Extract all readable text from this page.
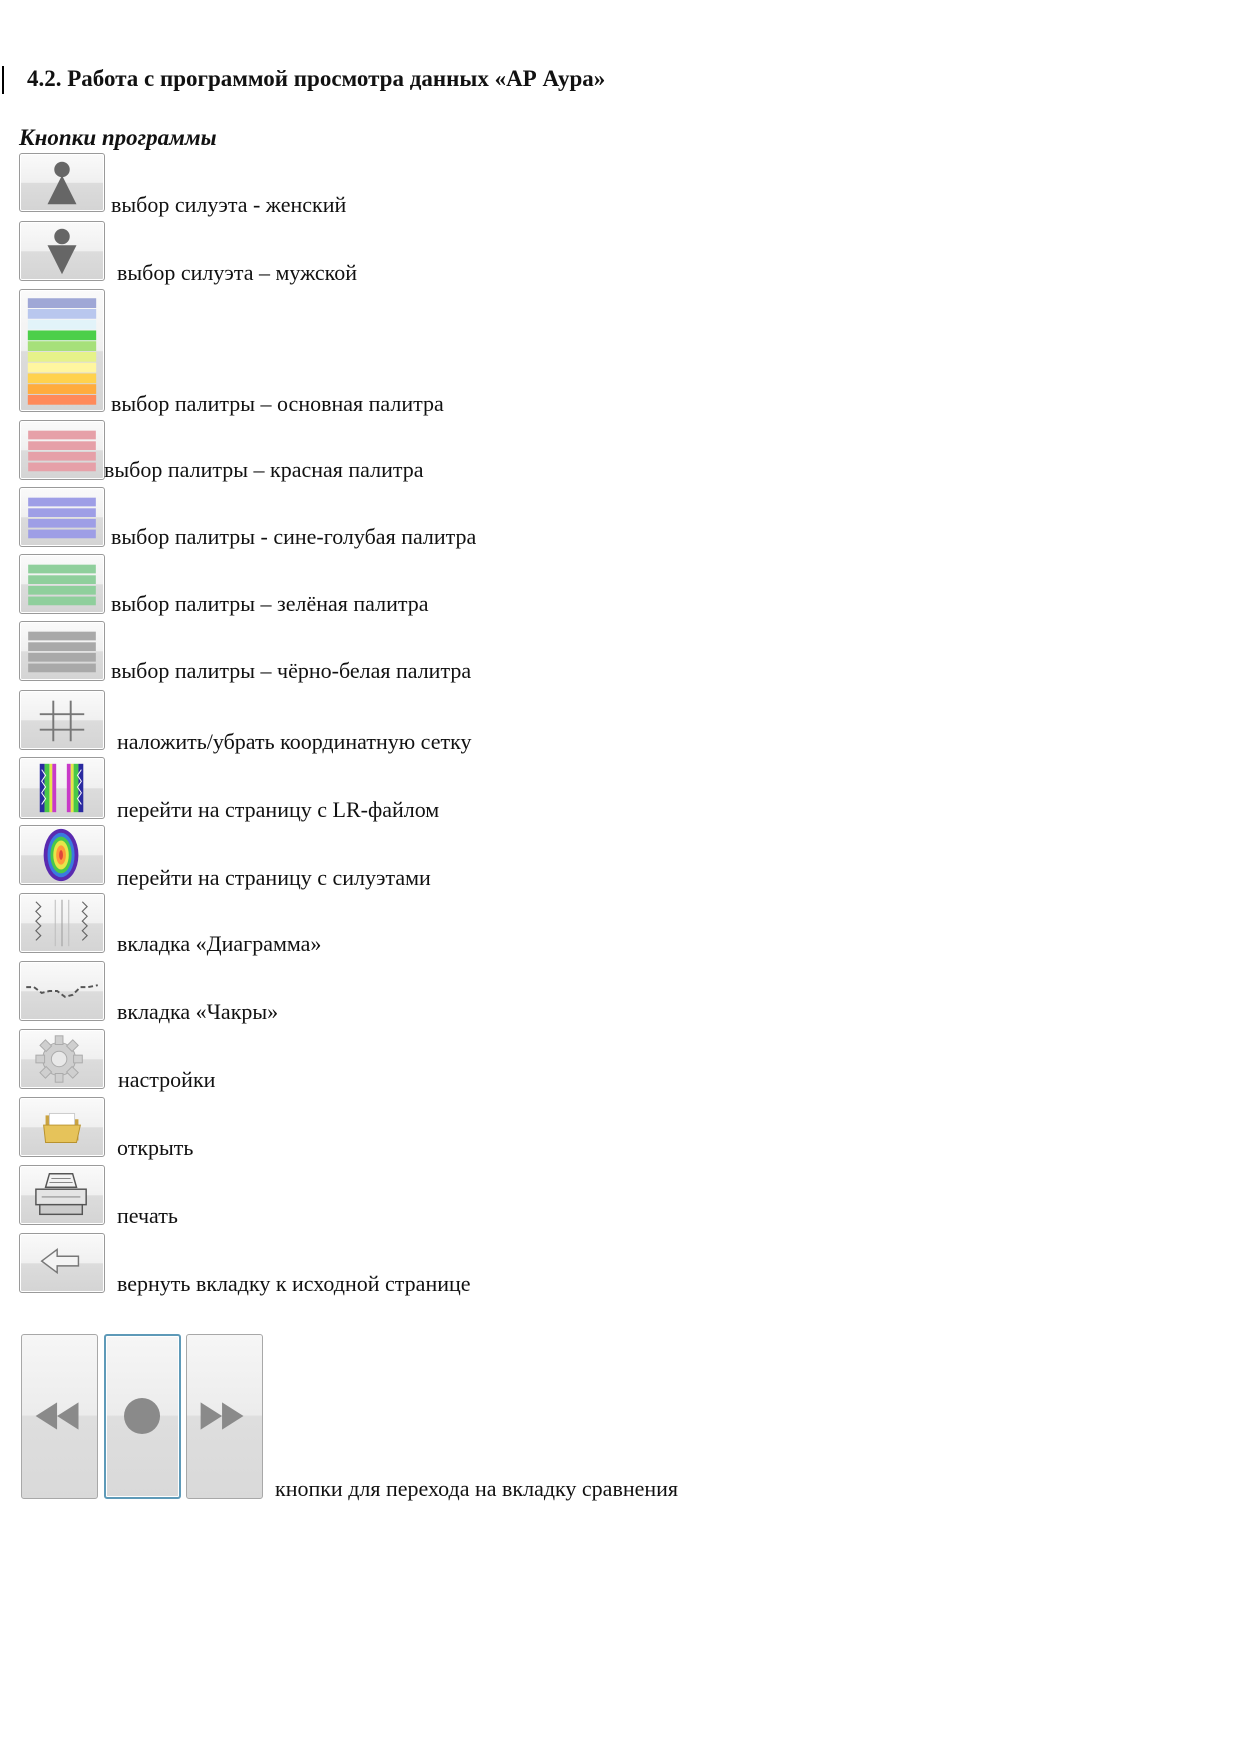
4.2. Работа с программой просмотра данных «АР Аура»
Кнопки программы
выбор силуэта - женский
выбор силуэта – мужской
выбор палитры – основная палитра
выбор палитры – красная палитра
выбор палитры - сине-голубая палитра
выбор палитры – зелёная палитра
выбор палитры – чёрно-белая палитра
наложить/убрать координатную сетку
перейти на страницу с LR-файлом
перейти на страницу с силуэтами
вкладка «Диаграмма»
вкладка «Чакры»
настройки
открыть
печать
вернуть вкладку к исходной странице
кнопки для перехода на вкладку сравнения
